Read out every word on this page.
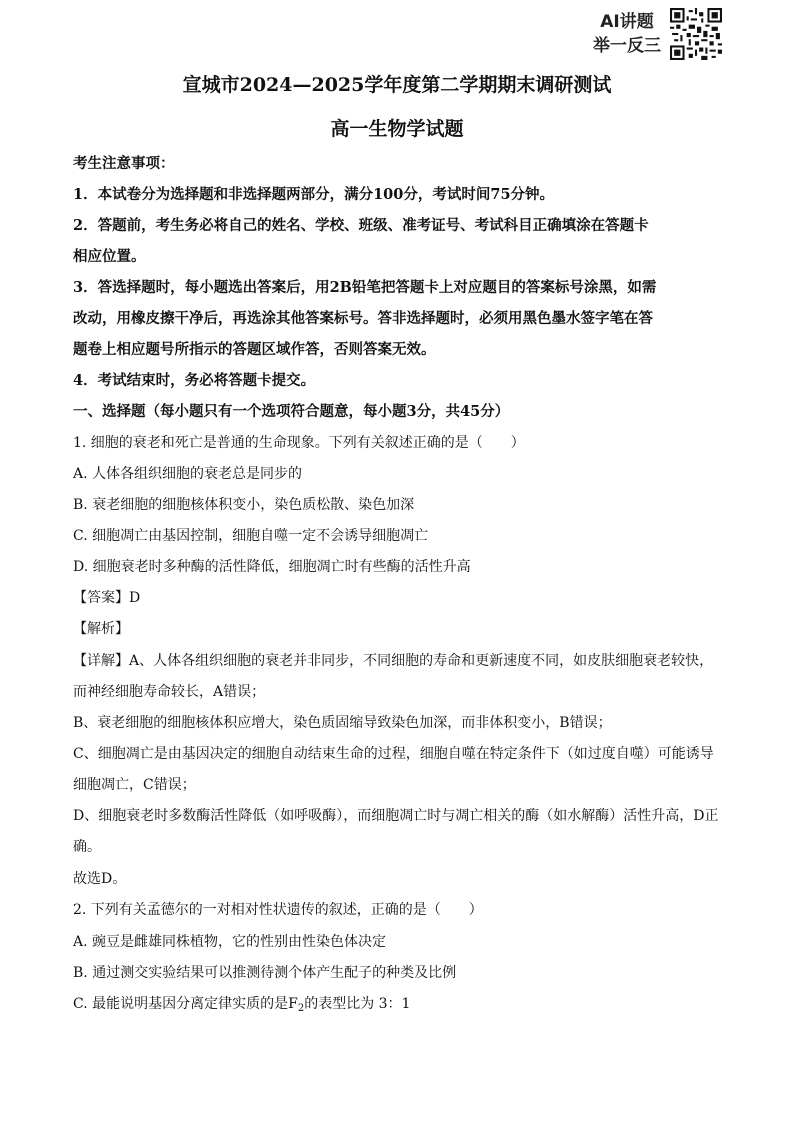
AI讲题
举一反三
宣城市2024—2025学年度第二学期期末调研测试
高一生物学试题
考生注意事项：
1．本试卷分为选择题和非选择题两部分，满分100分，考试时间75分钟。
2．答题前，考生务必将自己的姓名、学校、班级、准考证号、考试科目正确填涂在答题卡
相应位置。
3．答选择题时，每小题选出答案后，用2B铅笔把答题卡上对应题目的答案标号涂黑，如需
改动，用橡皮擦干净后，再选涂其他答案标号。答非选择题时，必须用黑色墨水签字笔在答
题卷上相应题号所指示的答题区域作答，否则答案无效。
4．考试结束时，务必将答题卡提交。
一、选择题（每小题只有一个选项符合题意，每小题3分，共45分）
1. 细胞的衰老和死亡是普通的生命现象。下列有关叙述正确的是（　　）
A. 人体各组织细胞的衰老总是同步的
B. 衰老细胞的细胞核体积变小，染色质松散、染色加深
C. 细胞凋亡由基因控制，细胞自噬一定不会诱导细胞凋亡
D. 细胞衰老时多种酶的活性降低，细胞凋亡时有些酶的活性升高
【答案】D
【解析】
【详解】A、人体各组织细胞的衰老并非同步，不同细胞的寿命和更新速度不同，如皮肤细胞衰老较快，
而神经细胞寿命较长，A错误；
B、衰老细胞的细胞核体积应增大，染色质固缩导致染色加深，而非体积变小，B错误；
C、细胞凋亡是由基因决定的细胞自动结束生命的过程，细胞自噬在特定条件下（如过度自噬）可能诱导
细胞凋亡，C错误；
D、细胞衰老时多数酶活性降低（如呼吸酶），而细胞凋亡时与凋亡相关的酶（如水解酶）活性升高，D正
确。
故选D。
2. 下列有关孟德尔的一对相对性状遗传的叙述，正确的是（　　）
A. 豌豆是雌雄同株植物，它的性别由性染色体决定
B. 通过测交实验结果可以推测待测个体产生配子的种类及比例
C. 最能说明基因分离定律实质的是$F_2$的表型比为 3：1
